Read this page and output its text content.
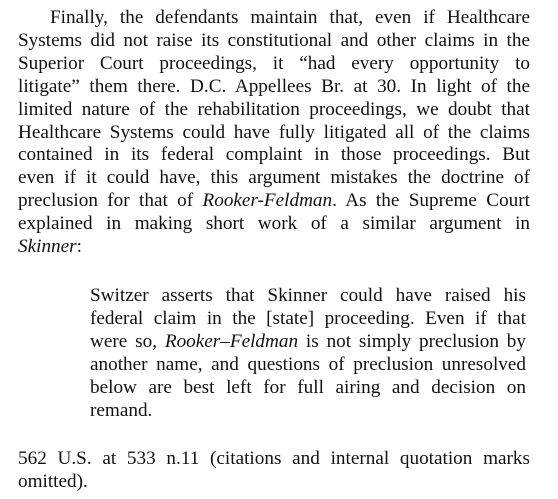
Finally, the defendants maintain that, even if Healthcare
Systems did not raise its constitutional and other claims in the
Superior Court proceedings, it “had every opportunity to
litigate” them there. D.C. Appellees Br. at 30. In light of the
limited nature of the rehabilitation proceedings, we doubt that
Healthcare Systems could have fully litigated all of the claims
contained in its federal complaint in those proceedings. But
even if it could have, this argument mistakes the doctrine of
preclusion for that of Rooker-Feldman. As the Supreme Court
explained in making short work of a similar argument in
Skinner:
Switzer asserts that Skinner could have raised his
federal claim in the [state] proceeding. Even if that
were so, Rooker–Feldman is not simply preclusion by
another name, and questions of preclusion unresolved
below are best left for full airing and decision on
remand.
562 U.S. at 533 n.11 (citations and internal quotation marks
omitted).
